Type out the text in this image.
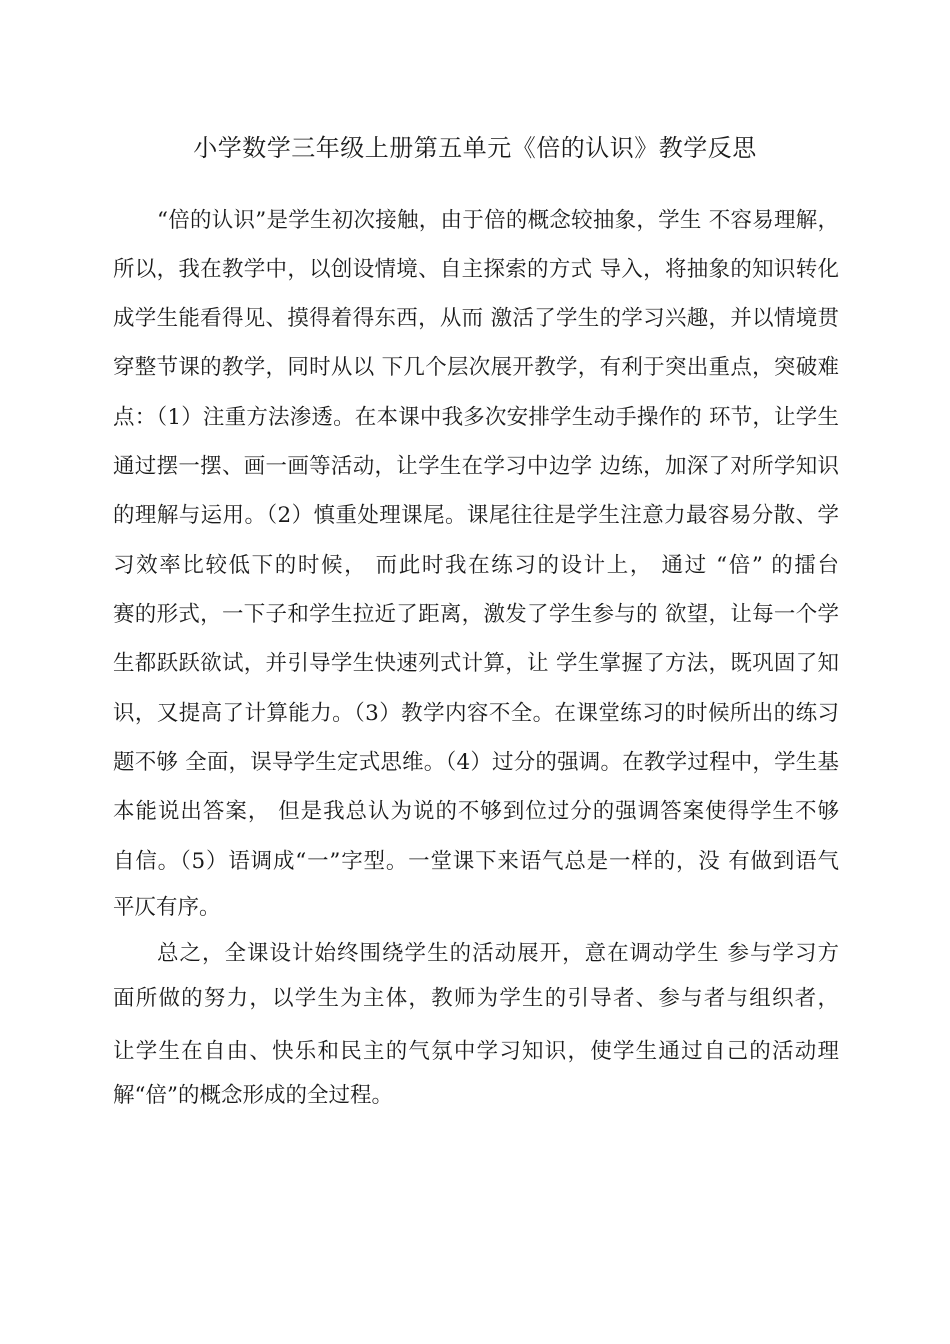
小学数学三年级上册第五单元《倍的认识》教学反思

“倍的认识”是学生初次接触，由于倍的概念较抽象，学生 不容易理解，

所以，我在教学中，以创设情境、自主探索的方式 导入，将抽象的知识转化

成学生能看得见、摸得着得东西，从而 激活了学生的学习兴趣，并以情境贯

穿整节课的教学，同时从以 下几个层次展开教学，有利于突出重点，突破难

点：（1）注重方法渗透。在本课中我多次安排学生动手操作的 环节，让学生

通过摆一摆、画一画等活动，让学生在学习中边学 边练，加深了对所学知识

的理解与运用。（2）慎重处理课尾。课尾往往是学生注意力最容易分散、学

习效率比较低下的时候， 而此时我在练习的设计上， 通过 “倍” 的擂台

赛的形式，一下子和学生拉近了距离，激发了学生参与的 欲望，让每一个学

生都跃跃欲试，并引导学生快速列式计算，让 学生掌握了方法，既巩固了知

识，又提高了计算能力。（3）教学内容不全。在课堂练习的时候所出的练习

题不够 全面，误导学生定式思维。（4）过分的强调。在教学过程中，学生基

本能说出答案， 但是我总认为说的不够到位过分的强调答案使得学生不够

自信。（5）语调成“一”字型。一堂课下来语气总是一样的，没 有做到语气

平仄有序。

总之，全课设计始终围绕学生的活动展开，意在调动学生 参与学习方

面所做的努力，以学生为主体，教师为学生的引导者、参与者与组织者，

让学生在自由、快乐和民主的气氛中学习知识，使学生通过自己的活动理

解“倍”的概念形成的全过程。
